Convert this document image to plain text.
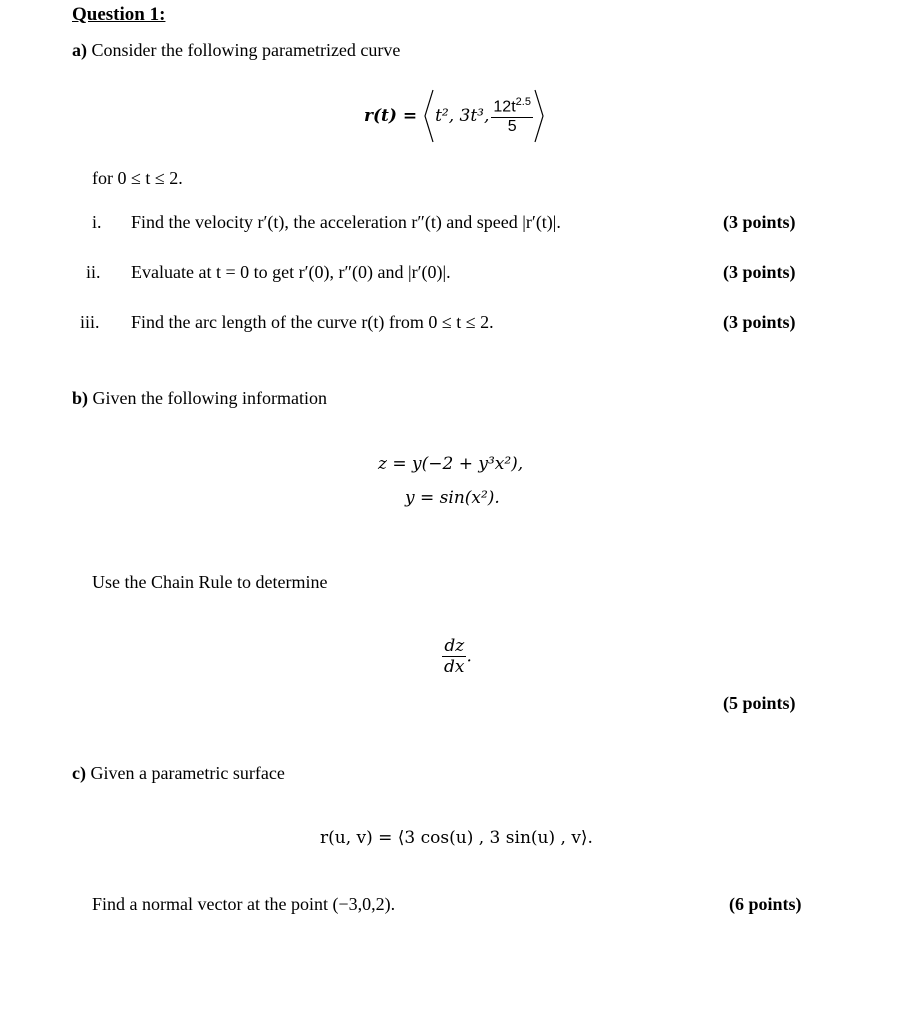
Question 1:
a) Consider the following parametrized curve
r(t) = t², 3t³, $\frac{12t^{2.5}}{5}$
for 0 ≤ t ≤ 2.
i. Find the velocity r′(t), the acceleration r″(t) and speed |r′(t)|.	(3 points)
ii. Evaluate at t = 0 to get r′(0), r″(0) and |r′(0)|.	(3 points)
iii. Find the arc length of the curve r(t) from 0 ≤ t ≤ 2.	(3 points)
b) Given the following information
z = y(−2 + y³x²),
y = sin(x²).
Use the Chain Rule to determine
$\frac{dz}{dx}$ .
(5 points)
c) Given a parametric surface
r(u, v) = ⟨3 cos(u) , 3 sin(u) , v⟩.
Find a normal vector at the point (−3,0,2).	(6 points)
